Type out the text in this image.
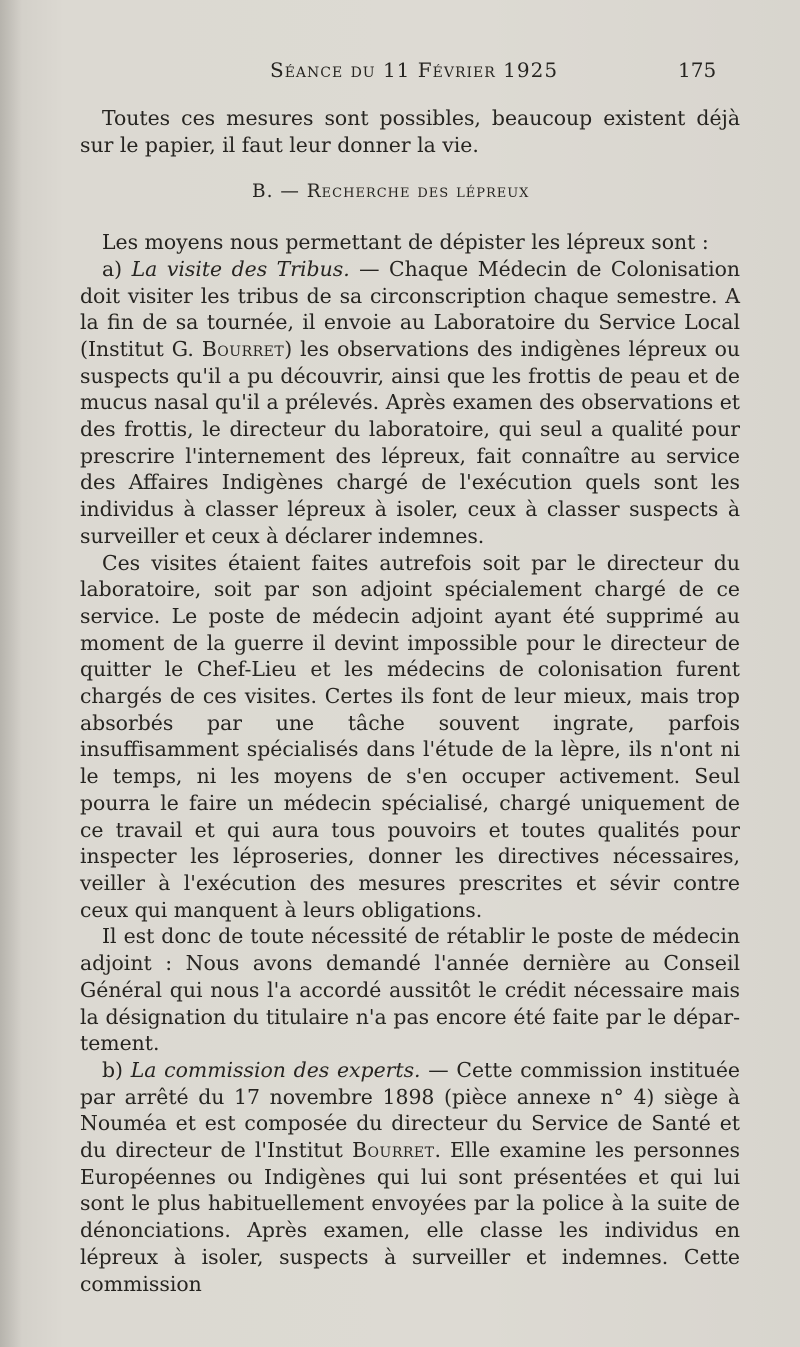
Séance du 11 Février 1925	175

Toutes ces mesures sont possibles, beaucoup existent déjà sur le papier, il faut leur donner la vie.

B. — Recherche des lépreux

Les moyens nous permettant de dépister les lépreux sont :

a) La visite des Tribus. — Chaque Médecin de Colonisation doit visiter les tribus de sa circonscription chaque semestre. A la fin de sa tournée, il envoie au Laboratoire du Service Local (Institut G. Bourret) les observations des indigènes lépreux ou suspects qu'il a pu découvrir, ainsi que les frottis de peau et de mucus nasal qu'il a prélevés. Après examen des observations et des frottis, le directeur du laboratoire, qui seul a qualité pour prescrire l'internement des lépreux, fait connaître au service des Affaires Indigènes chargé de l'exécution quels sont les individus à classer lépreux à isoler, ceux à classer suspects à surveiller et ceux à déclarer indemnes.

Ces visites étaient faites autrefois soit par le directeur du laboratoire, soit par son adjoint spécialement chargé de ce service. Le poste de médecin adjoint ayant été supprimé au moment de la guerre il devint impossible pour le directeur de quitter le Chef-Lieu et les médecins de colonisation furent chargés de ces visites. Certes ils font de leur mieux, mais trop absorbés par une tâche souvent ingrate, parfois insuffisamment spécialisés dans l'étude de la lèpre, ils n'ont ni le temps, ni les moyens de s'en occuper activement. Seul pourra le faire un médecin spécialisé, chargé uniquement de ce travail et qui aura tous pouvoirs et toutes qualités pour inspecter les léproseries, donner les directives nécessaires, veiller à l'exécution des mesures prescrites et sévir contre ceux qui manquent à leurs obligations.

Il est donc de toute nécessité de rétablir le poste de médecin adjoint : Nous avons demandé l'année dernière au Conseil Général qui nous l'a accordé aussitôt le crédit nécessaire mais la désignation du titulaire n'a pas encore été faite par le département.

b) La commission des experts. — Cette commission instituée par arrêté du 17 novembre 1898 (pièce annexe n° 4) siège à Nouméa et est composée du directeur du Service de Santé et du directeur de l'Institut Bourret. Elle examine les personnes Européennes ou Indigènes qui lui sont présentées et qui lui sont le plus habituellement envoyées par la police à la suite de dénonciations. Après examen, elle classe les individus en lépreux à isoler, suspects à surveiller et indemnes. Cette commission
